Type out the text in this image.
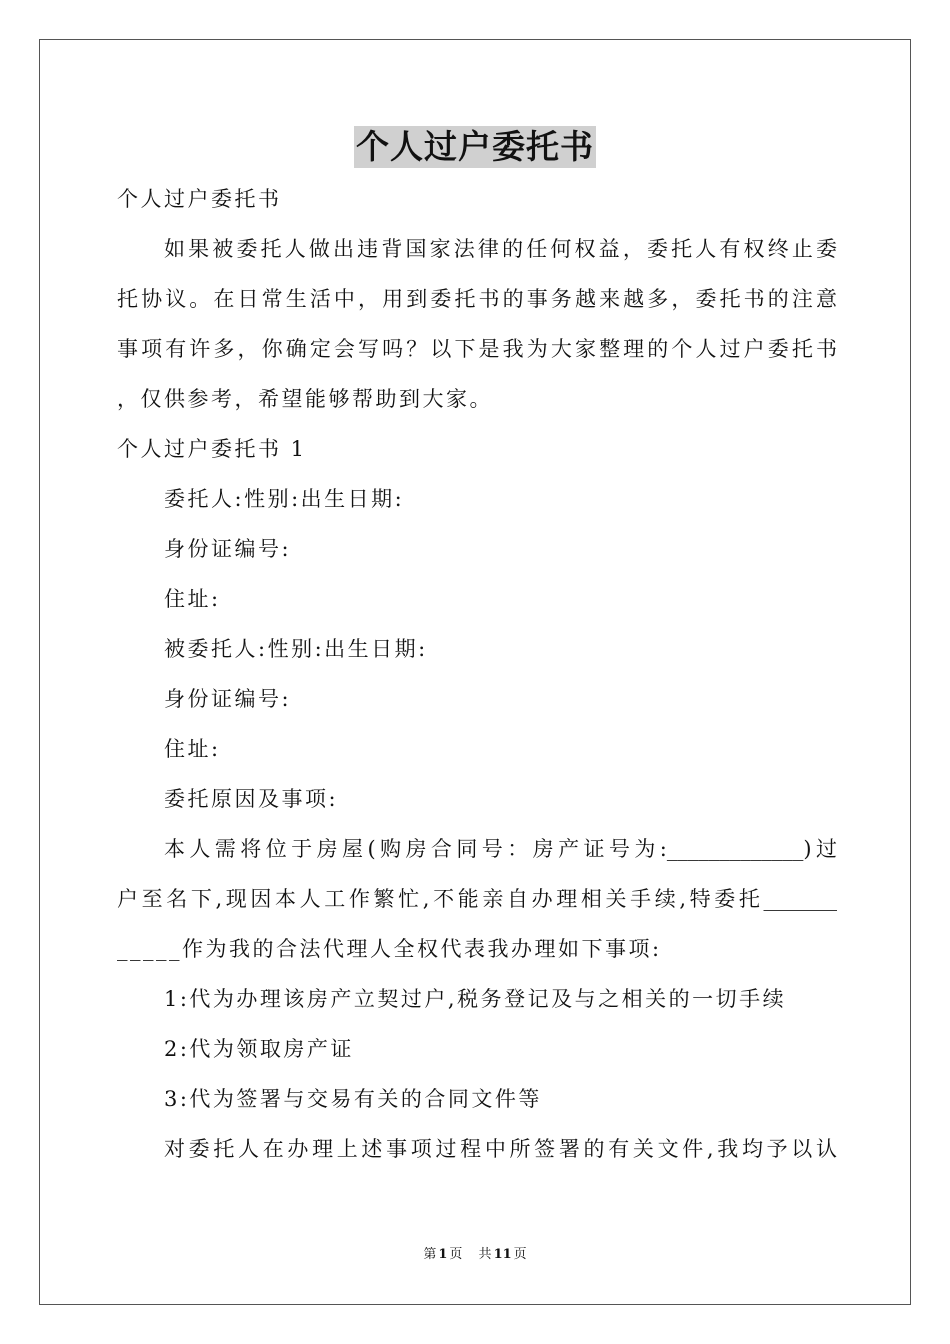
个人过户委托书
个人过户委托书
如果被委托人做出违背国家法律的任何权益，委托人有权终止委
托协议。在日常生活中，用到委托书的事务越来越多，委托书的注意
事项有许多，你确定会写吗？以下是我为大家整理的个人过户委托书
，仅供参考，希望能够帮助到大家。
个人过户委托书 1
委托人:性别:出生日期:
身份证编号:
住址:
被委托人:性别:出生日期:
身份证编号:
住址:
委托原因及事项:
本人需将位于房屋(购房合同号：房产证号为:_____________)过
户至名下,现因本人工作繁忙,不能亲自办理相关手续,特委托_______
_____作为我的合法代理人全权代表我办理如下事项:
1:代为办理该房产立契过户,税务登记及与之相关的一切手续
2:代为领取房产证
3:代为签署与交易有关的合同文件等
对委托人在办理上述事项过程中所签署的有关文件,我均予以认
第 1 页 共 11 页
